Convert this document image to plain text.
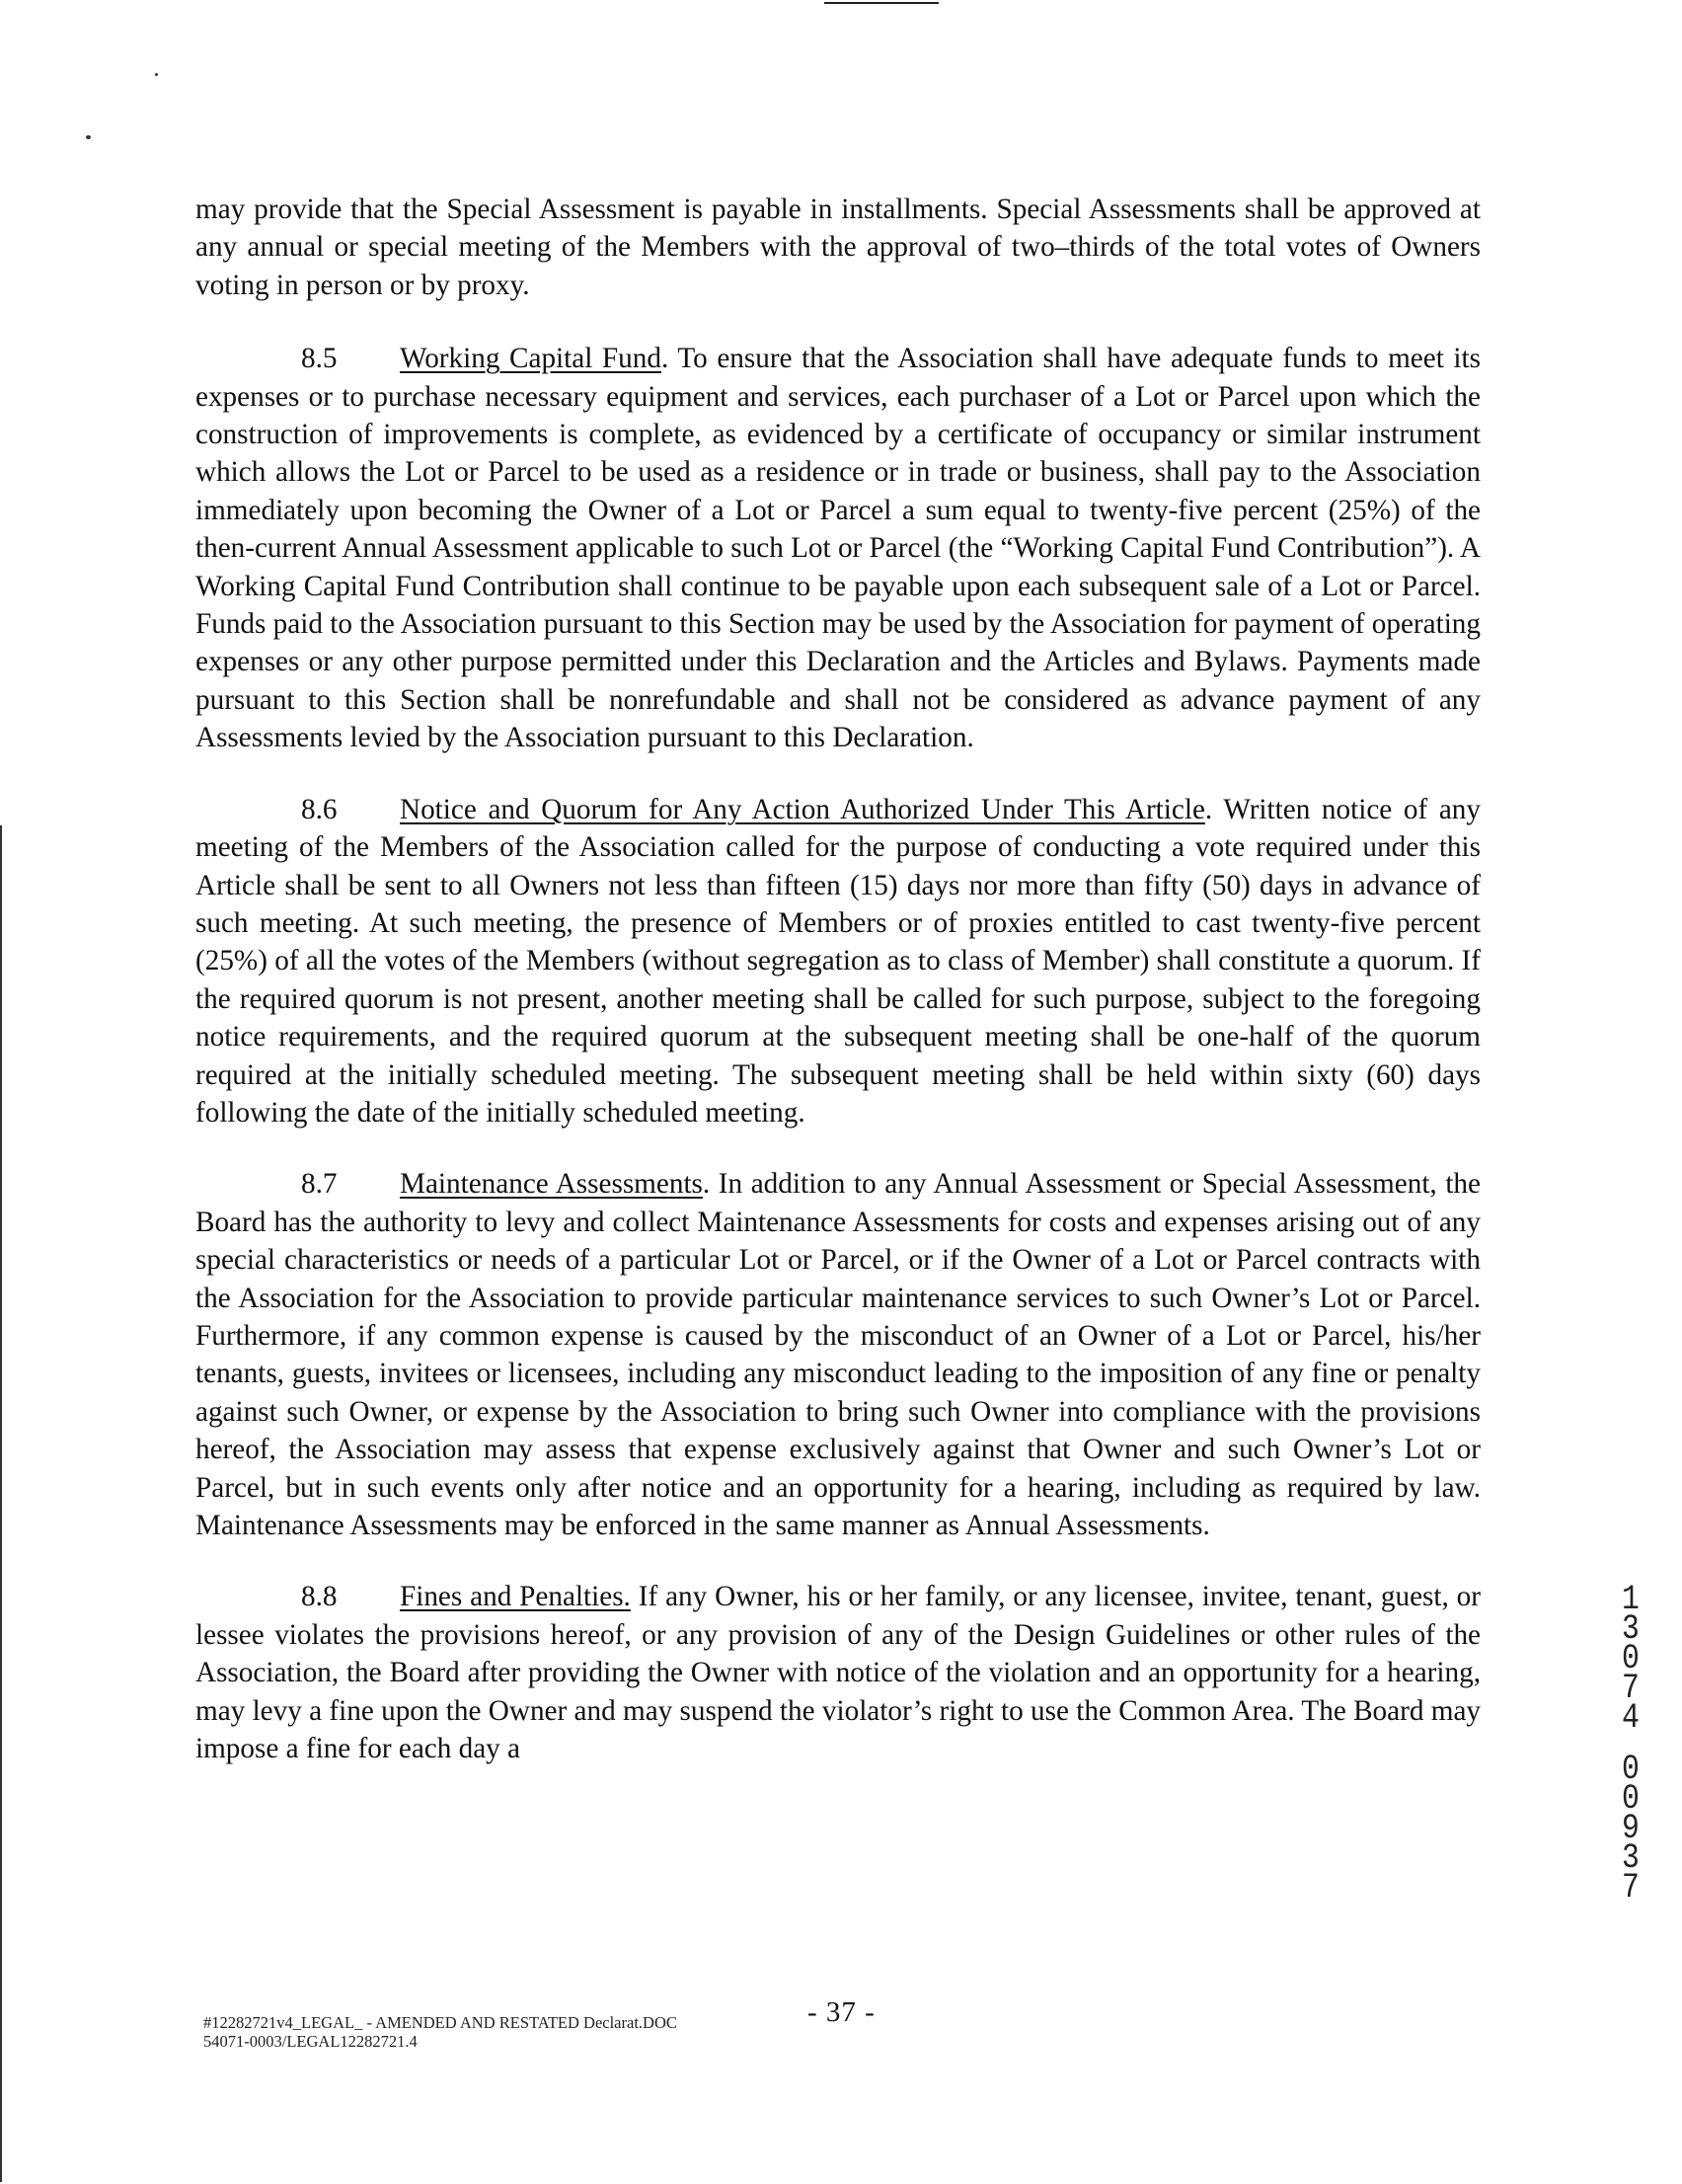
may provide that the Special Assessment is payable in installments. Special Assessments shall be approved at any annual or special meeting of the Members with the approval of two–thirds of the total votes of Owners voting in person or by proxy.

8.5 Working Capital Fund. To ensure that the Association shall have adequate funds to meet its expenses or to purchase necessary equipment and services, each purchaser of a Lot or Parcel upon which the construction of improvements is complete, as evidenced by a certificate of occupancy or similar instrument which allows the Lot or Parcel to be used as a residence or in trade or business, shall pay to the Association immediately upon becoming the Owner of a Lot or Parcel a sum equal to twenty-five percent (25%) of the then-current Annual Assessment applicable to such Lot or Parcel (the “Working Capital Fund Contribution”). A Working Capital Fund Contribution shall continue to be payable upon each subsequent sale of a Lot or Parcel. Funds paid to the Association pursuant to this Section may be used by the Association for payment of operating expenses or any other purpose permitted under this Declaration and the Articles and Bylaws. Payments made pursuant to this Section shall be nonrefundable and shall not be considered as advance payment of any Assessments levied by the Association pursuant to this Declaration.

8.6 Notice and Quorum for Any Action Authorized Under This Article. Written notice of any meeting of the Members of the Association called for the purpose of conducting a vote required under this Article shall be sent to all Owners not less than fifteen (15) days nor more than fifty (50) days in advance of such meeting. At such meeting, the presence of Members or of proxies entitled to cast twenty-five percent (25%) of all the votes of the Members (without segregation as to class of Member) shall constitute a quorum. If the required quorum is not present, another meeting shall be called for such purpose, subject to the foregoing notice requirements, and the required quorum at the subsequent meeting shall be one-half of the quorum required at the initially scheduled meeting. The subsequent meeting shall be held within sixty (60) days following the date of the initially scheduled meeting.

8.7 Maintenance Assessments. In addition to any Annual Assessment or Special Assessment, the Board has the authority to levy and collect Maintenance Assessments for costs and expenses arising out of any special characteristics or needs of a particular Lot or Parcel, or if the Owner of a Lot or Parcel contracts with the Association for the Association to provide particular maintenance services to such Owner’s Lot or Parcel. Furthermore, if any common expense is caused by the misconduct of an Owner of a Lot or Parcel, his/her tenants, guests, invitees or licensees, including any misconduct leading to the imposition of any fine or penalty against such Owner, or expense by the Association to bring such Owner into compliance with the provisions hereof, the Association may assess that expense exclusively against that Owner and such Owner’s Lot or Parcel, but in such events only after notice and an opportunity for a hearing, including as required by law. Maintenance Assessments may be enforced in the same manner as Annual Assessments.

8.8 Fines and Penalties. If any Owner, his or her family, or any licensee, invitee, tenant, guest, or lessee violates the provisions hereof, or any provision of any of the Design Guidelines or other rules of the Association, the Board after providing the Owner with notice of the violation and an opportunity for a hearing, may levy a fine upon the Owner and may suspend the violator’s right to use the Common Area. The Board may impose a fine for each day a

#12282721v4_LEGAL_ - AMENDED AND RESTATED Declarat.DOC
54071-0003/LEGAL12282721.4
- 37 -
1
3
0
7
4
0
0
9
3
7
